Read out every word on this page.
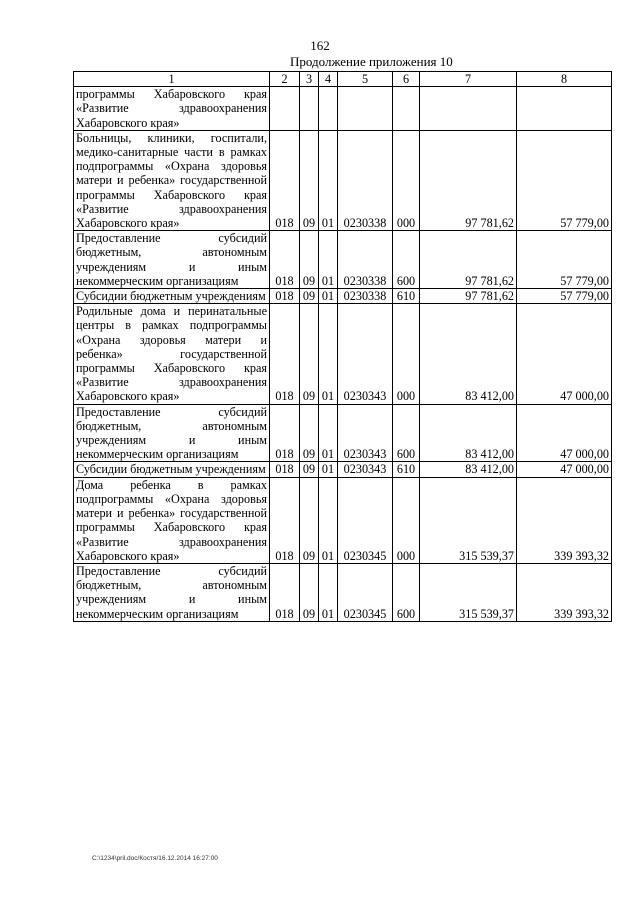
162
Продолжение приложения 10
1	2	3	4	5	6	7	8
программы Хабаровского края «Развитие здравоохранения Хабаровского края»							
Больницы, клиники, госпитали, медико-санитарные части в рамках подпрограммы «Охрана здоровья матери и ребенка» государственной программы Хабаровского края «Развитие здравоохранения Хабаровского края»	018	09	01	0230338	000	97 781,62	57 779,00
Предоставление субсидий бюджетным, автономным учреждениям и иным некоммерческим организациям	018	09	01	0230338	600	97 781,62	57 779,00
Субсидии бюджетным учреждениям	018	09	01	0230338	610	97 781,62	57 779,00
Родильные дома и перинатальные центры в рамках подпрограммы «Охрана здоровья матери и ребенка» государственной программы Хабаровского края «Развитие здравоохранения Хабаровского края»	018	09	01	0230343	000	83 412,00	47 000,00
Предоставление субсидий бюджетным, автономным учреждениям и иным некоммерческим организациям	018	09	01	0230343	600	83 412,00	47 000,00
Субсидии бюджетным учреждениям	018	09	01	0230343	610	83 412,00	47 000,00
Дома ребенка в рамках подпрограммы «Охрана здоровья матери и ребенка» государственной программы Хабаровского края «Развитие здравоохранения Хабаровского края»	018	09	01	0230345	000	315 539,37	339 393,32
Предоставление субсидий бюджетным, автономным учреждениям и иным некоммерческим организациям	018	09	01	0230345	600	315 539,37	339 393,32
C:\1234\pril.doc/Костя/16.12.2014 16:27:00
